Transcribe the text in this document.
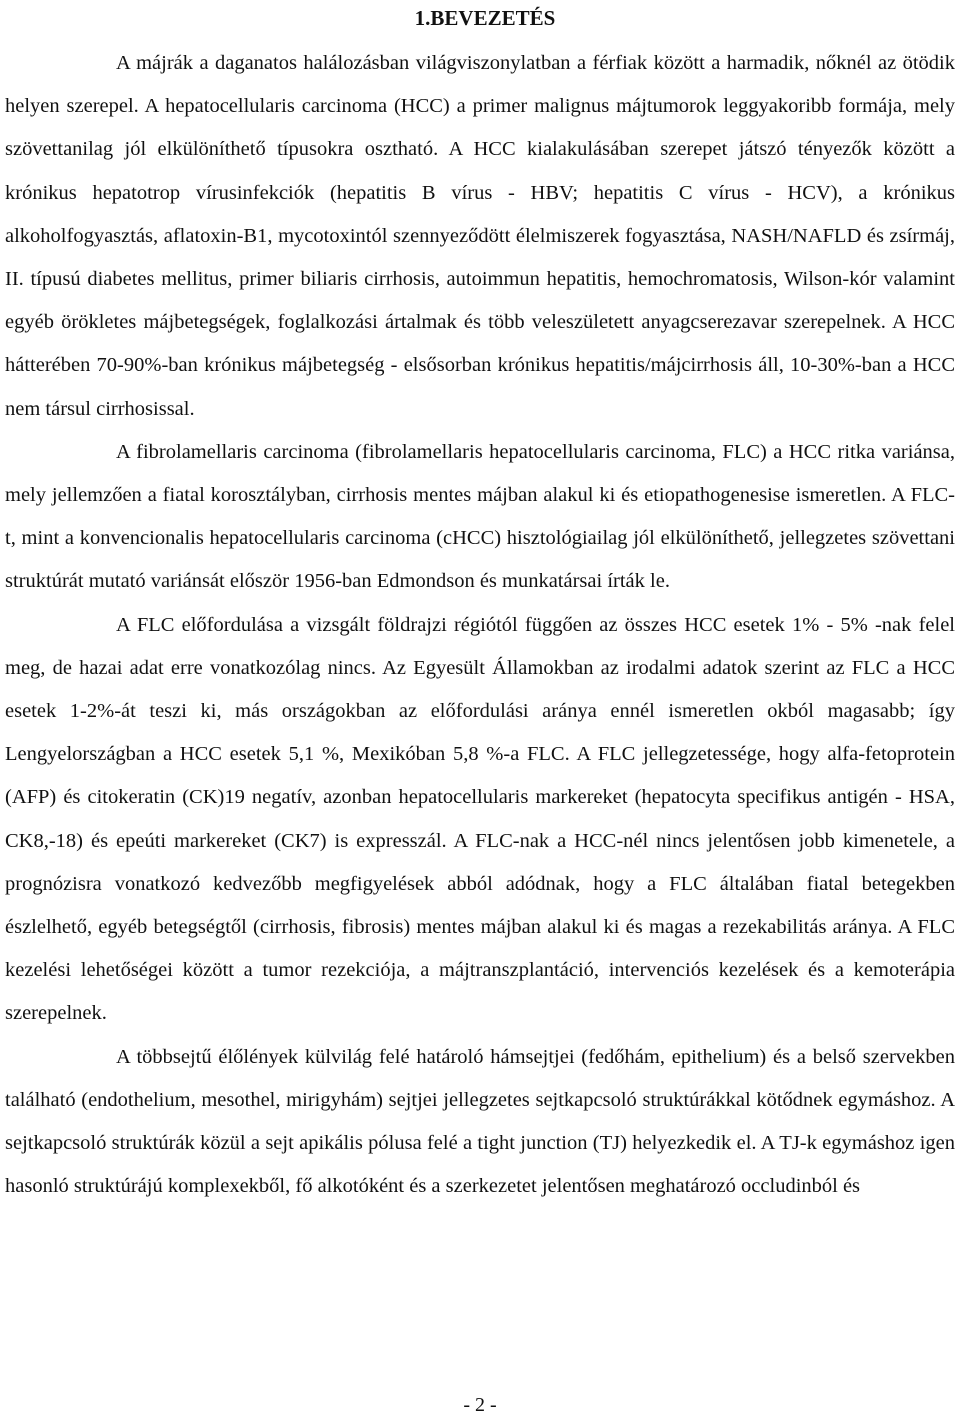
1.BEVEZETÉS

A májrák a daganatos halálozásban világviszonylatban a férfiak között a harmadik, nőknél az ötödik helyen szerepel. A hepatocellularis carcinoma (HCC) a primer malignus májtumorok leggyakoribb formája, mely szövettanilag jól elkülöníthető típusokra osztható. A HCC kialakulásában szerepet játszó tényezők között a krónikus hepatotrop vírusinfekciók (hepatitis B vírus - HBV; hepatitis C vírus - HCV), a krónikus alkoholfogyasztás, aflatoxin-B1, mycotoxintól szennyeződött élelmiszerek fogyasztása, NASH/NAFLD és zsírmáj, II. típusú diabetes mellitus, primer biliaris cirrhosis, autoimmun hepatitis, hemochromatosis, Wilson-kór valamint egyéb örökletes májbetegségek, foglalkozási ártalmak és több veleszületett anyagcserezavar szerepelnek. A HCC hátterében 70-90%-ban krónikus májbetegség - elsősorban krónikus hepatitis/májcirrhosis áll, 10-30%-ban a HCC nem társul cirrhosissal.

A fibrolamellaris carcinoma (fibrolamellaris hepatocellularis carcinoma, FLC) a HCC ritka variánsa, mely jellemzően a fiatal korosztályban, cirrhosis mentes májban alakul ki és etiopathogenesise ismeretlen. A FLC-t, mint a konvencionalis hepatocellularis carcinoma (cHCC) hisztológiailag jól elkülöníthető, jellegzetes szövettani struktúrát mutató variánsát először 1956-ban Edmondson és munkatársai írták le.

A FLC előfordulása a vizsgált földrajzi régiótól függően az összes HCC esetek 1% - 5% -nak felel meg, de hazai adat erre vonatkozólag nincs. Az Egyesült Államokban az irodalmi adatok szerint az FLC a HCC esetek 1-2%-át teszi ki, más országokban az előfordulási aránya ennél ismeretlen okból magasabb; így Lengyelországban a HCC esetek 5,1 %, Mexikóban 5,8 %-a FLC. A FLC jellegzetessége, hogy alfa-fetoprotein (AFP) és citokeratin (CK)19 negatív, azonban hepatocellularis markereket (hepatocyta specifikus antigén - HSA, CK8,-18) és epeúti markereket (CK7) is expresszál. A FLC-nak a HCC-nél nincs jelentősen jobb kimenetele, a prognózisra vonatkozó kedvezőbb megfigyelések abból adódnak, hogy a FLC általában fiatal betegekben észlelhető, egyéb betegségtől (cirrhosis, fibrosis) mentes májban alakul ki és magas a rezekabilitás aránya. A FLC kezelési lehetőségei között a tumor rezekciója, a májtranszplantáció, intervenciós kezelések és a kemoterápia szerepelnek.

A többsejtű élőlények külvilág felé határoló hámsejtjei (fedőhám, epithelium) és a belső szervekben található (endothelium, mesothel, mirigyhám) sejtjei jellegzetes sejtkapcsoló struktúrákkal kötődnek egymáshoz. A sejtkapcsoló struktúrák közül a sejt apikális pólusa felé a tight junction (TJ) helyezkedik el. A TJ-k egymáshoz igen hasonló struktúrájú komplexekből, fő alkotóként és a szerkezetet jelentősen meghatározó occludinból és

- 2 -
